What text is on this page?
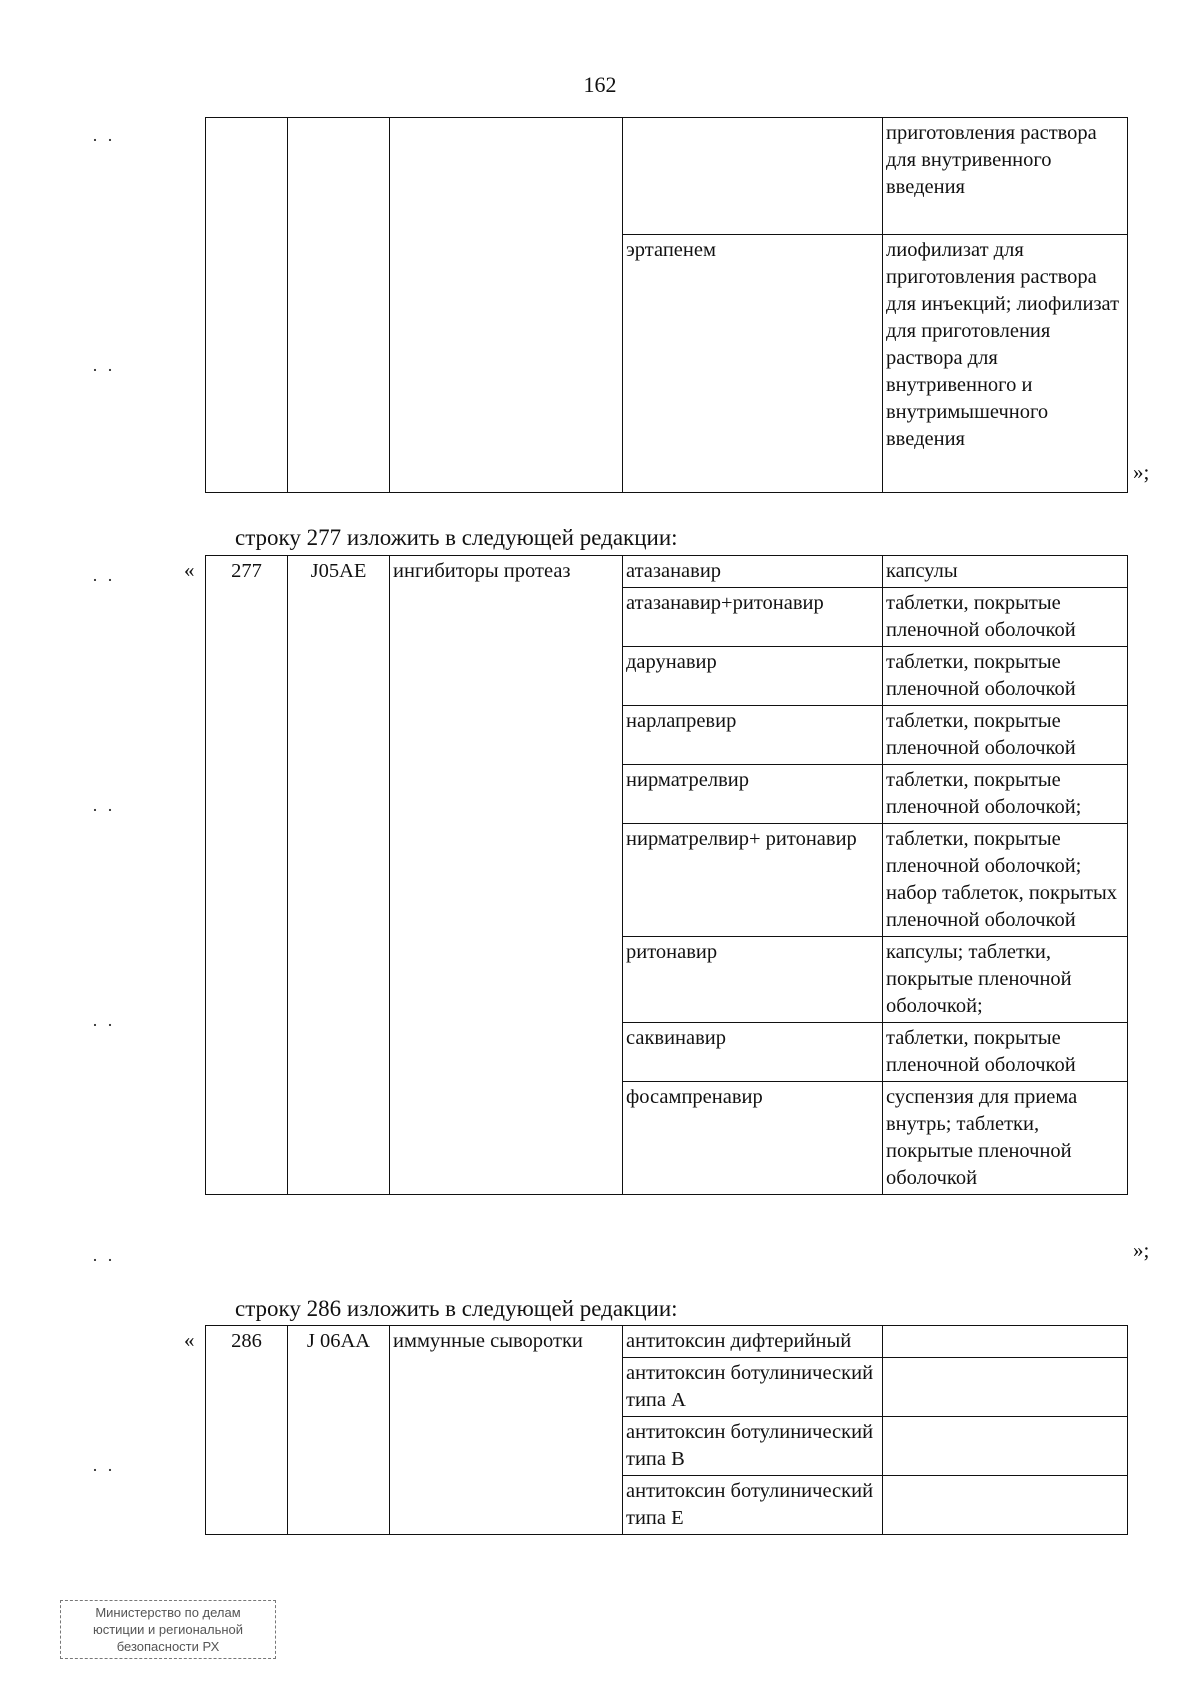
162
·  ·
·  ·
·  ·
·  ·
·  ·
·  ·
·  ·
				приготовления раствора для внутривенного введения
			эртапенем	лиофилизат для приготовления раствора для инъекций; лиофилизат для приготовления раствора для внутривенного и внутримышечного введения
»;
строку 277 изложить в следующей редакции:
« 277	J05AE	ингибиторы протеаз	атазанавир	капсулы
			атазанавир+ритонавир	таблетки, покрытые пленочной оболочкой
			дарунавир	таблетки, покрытые пленочной оболочкой
			нарлапревир	таблетки, покрытые пленочной оболочкой
			нирматрелвир	таблетки, покрытые пленочной оболочкой;
			нирматрелвир+ ритонавир	таблетки, покрытые пленочной оболочкой; набор таблеток, покрытых пленочной оболочкой
			ритонавир	капсулы; таблетки, покрытые пленочной оболочкой;
			саквинавир	таблетки, покрытые пленочной оболочкой
			фосампренавир	суспензия для приема внутрь; таблетки, покрытые пленочной оболочкой
»;
строку 286 изложить в следующей редакции:
« 286	J 06AA	иммунные сыворотки	антитоксин дифтерийный	
			антитоксин ботулинический типа А	
			антитоксин ботулинический типа В	
			антитоксин ботулинический типа Е	
Министерство по делам
юстиции и региональной
безопасности РХ
